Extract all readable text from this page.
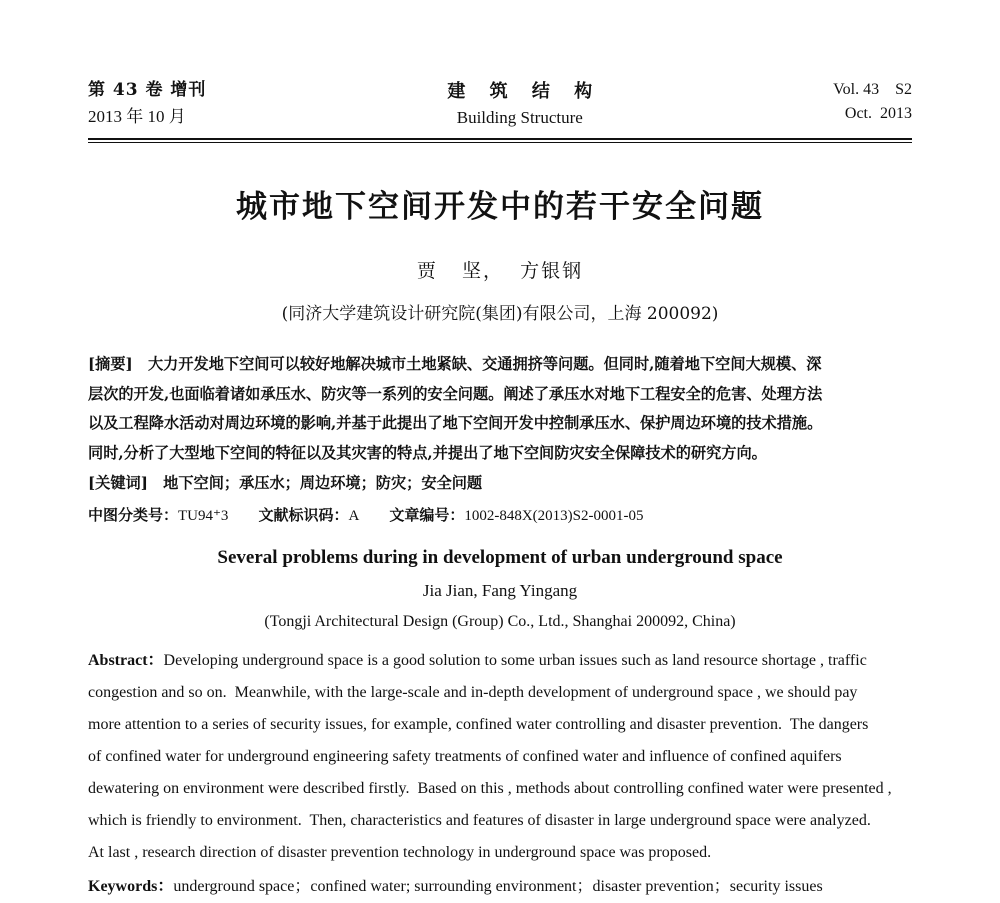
第 43 卷 增刊
2013 年 10 月
建 筑 结 构
Building Structure
Vol. 43    S2
Oct.  2013
城市地下空间开发中的若干安全问题
贾   坚，  方银钢
(同济大学建筑设计研究院(集团)有限公司，上海 200092)
[摘要]　 大力开发地下空间可以较好地解决城市土地紧缺、交通拥挤等问题。但同时,随着地下空间大规模、深
层次的开发,也面临着诸如承压水、防灾等一系列的安全问题。阐述了承压水对地下工程安全的危害、处理方法
以及工程降水活动对周边环境的影响,并基于此提出了地下空间开发中控制承压水、保护周边环境的技术措施。
同时,分析了大型地下空间的特征以及其灾害的特点,并提出了地下空间防灾安全保障技术的研究方向。
[关键词]　 地下空间；承压水；周边环境；防灾；安全问题
中图分类号：TU94⁺3　　 文献标识码：A　　 文章编号：1002-848X(2013)S2-0001-05
Several problems during in development of urban underground space
Jia Jian, Fang Yingang
(Tongji Architectural Design (Group) Co., Ltd., Shanghai 200092, China)
Abstract：Developing underground space is a good solution to some urban issues such as land resource shortage , traffic
congestion and so on.  Meanwhile, with the large-scale and in-depth development of underground space , we should pay
more attention to a series of security issues, for example, confined water controlling and disaster prevention.  The dangers
of confined water for underground engineering safety treatments of confined water and influence of confined aquifers
dewatering on environment were described firstly.  Based on this , methods about controlling confined water were presented ,
which is friendly to environment.  Then, characteristics and features of disaster in large underground space were analyzed.
At last , research direction of disaster prevention technology in underground space was proposed.
Keywords：underground space；confined water; surrounding environment；disaster prevention；security issues
